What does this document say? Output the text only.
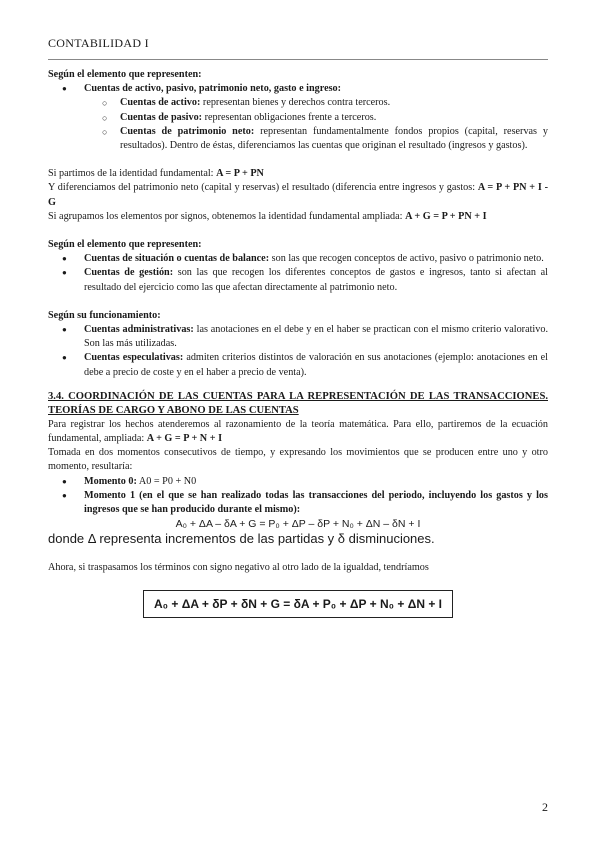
CONTABILIDAD I

Según el elemento que representen:

● Cuentas de activo, pasivo, patrimonio neto, gasto e ingreso:
○ Cuentas de activo: representan bienes y derechos contra terceros.
○ Cuentas de pasivo: representan obligaciones frente a terceros.
○ Cuentas de patrimonio neto: representan fundamentalmente fondos propios (capital, reservas y resultados). Dentro de éstas, diferenciamos las cuentas que originan el resultado (ingresos y gastos).

Si partimos de la identidad fundamental: A = P + PN

Y diferenciamos del patrimonio neto (capital y reservas) el resultado (diferencia entre ingresos y gastos: A = P + PN + I - G

Si agrupamos los elementos por signos, obtenemos la identidad fundamental ampliada: A + G = P + PN + I

Según el elemento que representen:

● Cuentas de situación o cuentas de balance: son las que recogen conceptos de activo, pasivo o patrimonio neto.
● Cuentas de gestión: son las que recogen los diferentes conceptos de gastos e ingresos, tanto si afectan al resultado del ejercicio como las que afectan directamente al patrimonio neto.

Según su funcionamiento:

● Cuentas administrativas: las anotaciones en el debe y en el haber se practican con el mismo criterio valorativo. Son las más utilizadas.
● Cuentas especulativas: admiten criterios distintos de valoración en sus anotaciones (ejemplo: anotaciones en el debe a precio de coste y en el haber a precio de venta).

3.4. COORDINACIÓN DE LAS CUENTAS PARA LA REPRESENTACIÓN DE LAS TRANSACCIONES. TEORÍAS DE CARGO Y ABONO DE LAS CUENTAS

Para registrar los hechos atenderemos al razonamiento de la teoría matemática. Para ello, partiremos de la ecuación fundamental, ampliada: A + G = P + N + I

Tomada en dos momentos consecutivos de tiempo, y expresando los movimientos que se producen entre uno y otro momento, resultaría:

● Momento 0: A0 = P0 + N0
● Momento 1 (en el que se han realizado todas las transacciones del periodo, incluyendo los gastos y los ingresos que se han producido durante el mismo):

A₀ + ΔA – δA + G = P₀ + ΔP – δP + N₀ + ΔN – δN + I

donde Δ representa incrementos de las partidas y δ disminuciones.

Ahora, si traspasamos los términos con signo negativo al otro lado de la igualdad, tendríamos

A₀ + ΔA + δP + δN + G = δA + P₀ + ΔP + N₀ + ΔN + I
2
